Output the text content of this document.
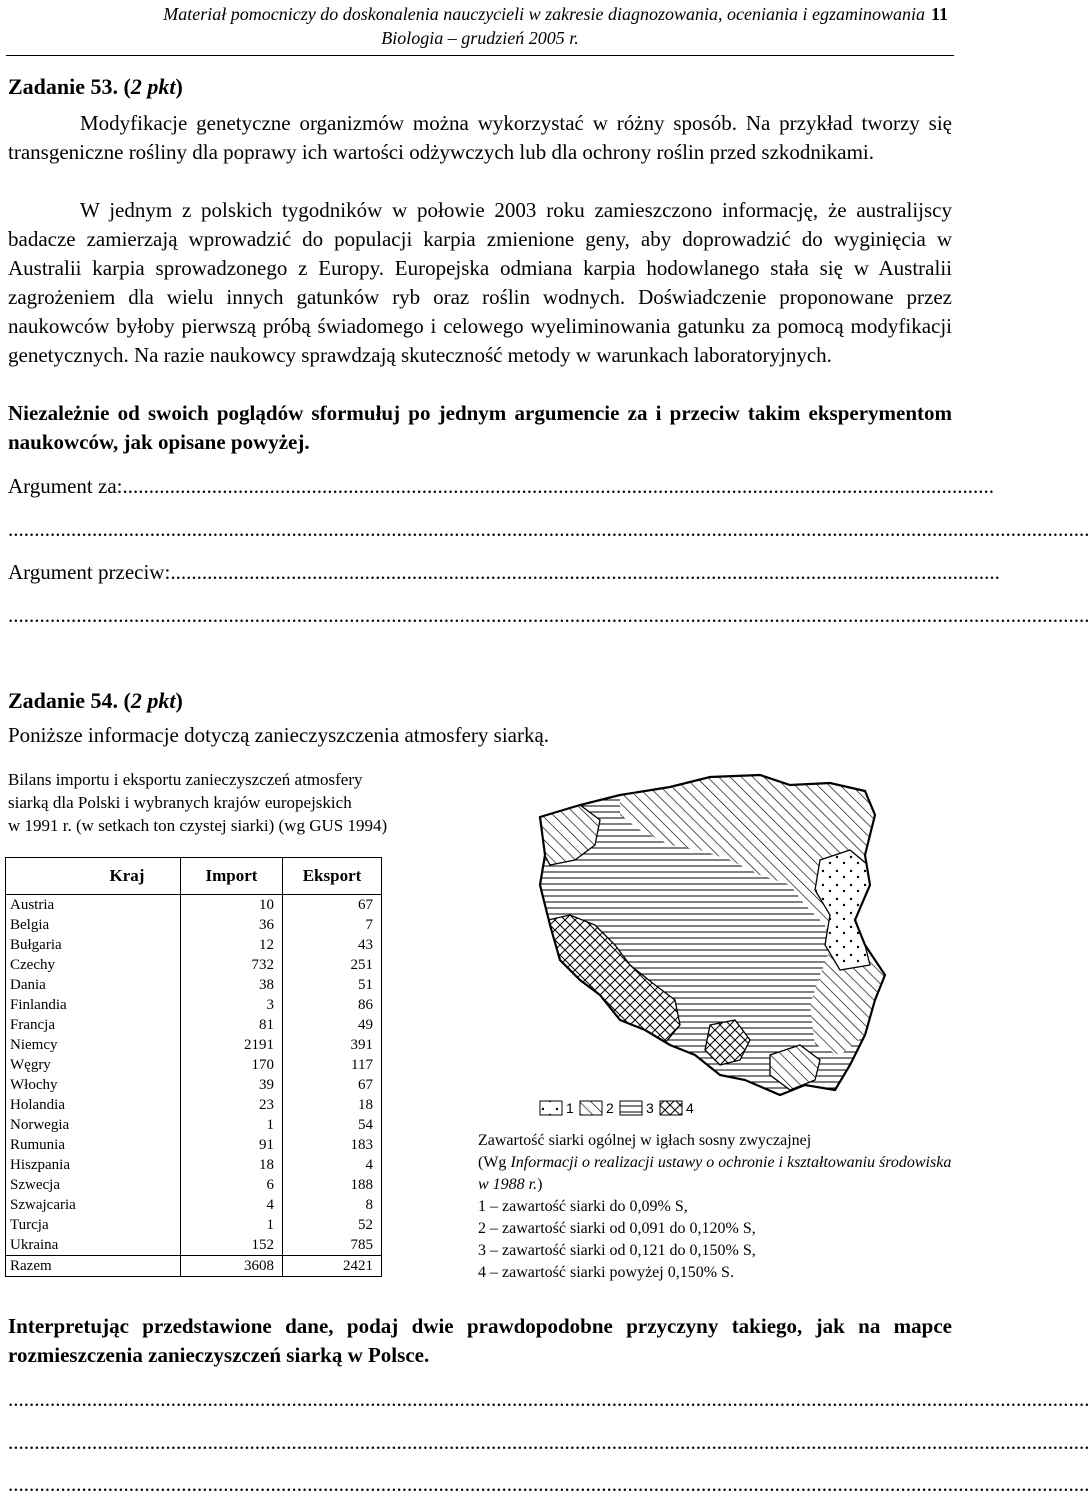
Materiał pomocniczy do doskonalenia nauczycieli w zakresie diagnozowania, oceniania i egzaminowania 11
Biologia – grudzień 2005 r.
Zadanie 53. (2 pkt)
Modyfikacje genetyczne organizmów można wykorzystać w różny sposób. Na przykład tworzy się transgeniczne rośliny dla poprawy ich wartości odżywczych lub dla ochrony roślin przed szkodnikami.
W jednym z polskich tygodników w połowie 2003 roku zamieszczono informację, że australijscy badacze zamierzają wprowadzić do populacji karpia zmienione geny, aby doprowadzić do wyginięcia w Australii karpia sprowadzonego z Europy. Europejska odmiana karpia hodowlanego stała się w Australii zagrożeniem dla wielu innych gatunków ryb oraz roślin wodnych. Doświadczenie proponowane przez naukowców byłoby pierwszą próbą świadomego i celowego wyeliminowania gatunku za pomocą modyfikacji genetycznych. Na razie naukowcy sprawdzają skuteczność metody w warunkach laboratoryjnych.
Niezależnie od swoich poglądów sformułuj po jednym argumencie za i przeciw takim eksperymentom naukowców, jak opisane powyżej.
Argument za:......................................................................................................................................................................
..............................................................................................................................................................................................................
Argument przeciw:..............................................................................................................................................................
..............................................................................................................................................................................................................
Zadanie 54. (2 pkt)
Poniższe informacje dotyczą zanieczyszczenia atmosfery siarką.
Bilans importu i eksportu zanieczyszczeń atmosfery
siarką dla Polski i wybranych krajów europejskich
w 1991 r. (w setkach ton czystej siarki) (wg GUS 1994)
	Kraj	Import	Eksport
Austria		10	67
Belgia		36	7
Bułgaria		12	43
Czechy		732	251
Dania		38	51
Finlandia		3	86
Francja		81	49
Niemcy		2191	391
Węgry		170	117
Włochy		39	67
Holandia		23	18
Norwegia		1	54
Rumunia		91	183
Hiszpania		18	4
Szwecja		6	188
Szwajcaria		4	8
Turcja		1	52
Ukraina		152	785
Razem		3608	2421
1 2 3 4
Zawartość siarki ogólnej w igłach sosny zwyczajnej
(Wg Informacji o realizacji ustawy o ochronie i kształtowaniu środowiska w 1988 r.)
1 – zawartość siarki do 0,09% S,
2 – zawartość siarki od 0,091 do 0,120% S,
3 – zawartość siarki od 0,121 do 0,150% S,
4 – zawartość siarki powyżej 0,150% S.
Interpretując przedstawione dane, podaj dwie prawdopodobne przyczyny takiego, jak na mapce rozmieszczenia zanieczyszczeń siarką w Polsce.
..............................................................................................................................................................................................................
..............................................................................................................................................................................................................
..............................................................................................................................................................................................................
